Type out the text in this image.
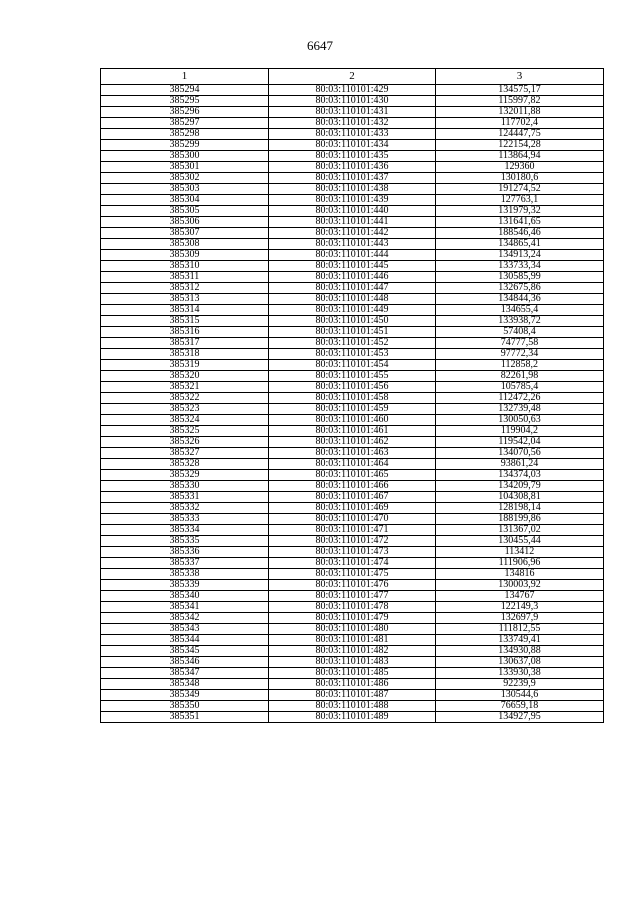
6647
1	2	3
385294	80:03:110101:429	134575,17
385295	80:03:110101:430	115997,82
385296	80:03:110101:431	132011,88
385297	80:03:110101:432	117702,4
385298	80:03:110101:433	124447,75
385299	80:03:110101:434	122154,28
385300	80:03:110101:435	113864,94
385301	80:03:110101:436	129360
385302	80:03:110101:437	130180,6
385303	80:03:110101:438	191274,52
385304	80:03:110101:439	127763,1
385305	80:03:110101:440	131979,32
385306	80:03:110101:441	131641,65
385307	80:03:110101:442	188546,46
385308	80:03:110101:443	134865,41
385309	80:03:110101:444	134913,24
385310	80:03:110101:445	133733,34
385311	80:03:110101:446	130585,99
385312	80:03:110101:447	132675,86
385313	80:03:110101:448	134844,36
385314	80:03:110101:449	134655,4
385315	80:03:110101:450	133938,72
385316	80:03:110101:451	57408,4
385317	80:03:110101:452	74777,58
385318	80:03:110101:453	97772,34
385319	80:03:110101:454	112858,2
385320	80:03:110101:455	82261,98
385321	80:03:110101:456	105785,4
385322	80:03:110101:458	112472,26
385323	80:03:110101:459	132739,48
385324	80:03:110101:460	130050,63
385325	80:03:110101:461	119904,2
385326	80:03:110101:462	119542,04
385327	80:03:110101:463	134070,56
385328	80:03:110101:464	93861,24
385329	80:03:110101:465	134374,03
385330	80:03:110101:466	134209,79
385331	80:03:110101:467	104308,81
385332	80:03:110101:469	128198,14
385333	80:03:110101:470	188199,86
385334	80:03:110101:471	131367,02
385335	80:03:110101:472	130455,44
385336	80:03:110101:473	113412
385337	80:03:110101:474	111906,96
385338	80:03:110101:475	134816
385339	80:03:110101:476	130003,92
385340	80:03:110101:477	134767
385341	80:03:110101:478	122149,3
385342	80:03:110101:479	132697,9
385343	80:03:110101:480	111812,55
385344	80:03:110101:481	133749,41
385345	80:03:110101:482	134930,88
385346	80:03:110101:483	130637,08
385347	80:03:110101:485	133930,38
385348	80:03:110101:486	92239,9
385349	80:03:110101:487	130544,6
385350	80:03:110101:488	76659,18
385351	80:03:110101:489	134927,95
